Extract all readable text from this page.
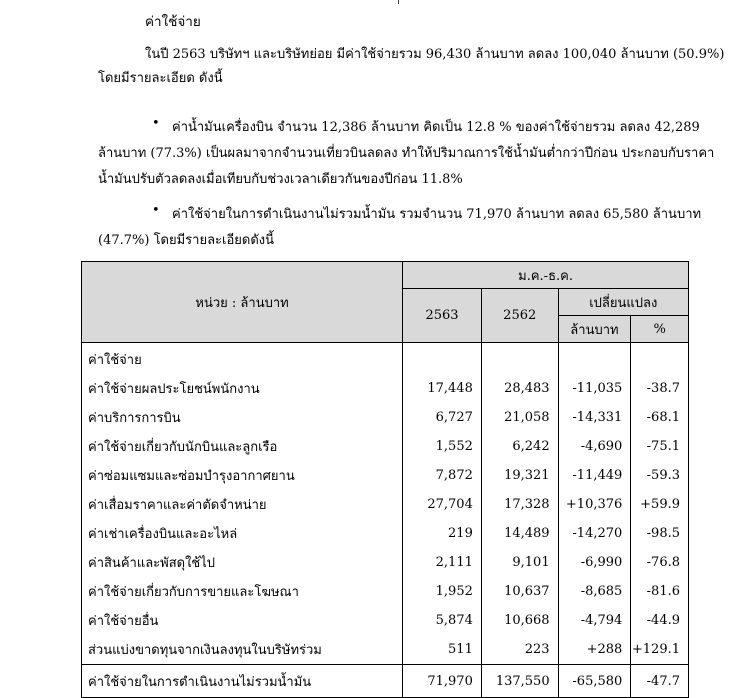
ค่าใช้จ่าย
ในปี 2563 บริษัทฯ และบริษัทย่อย มีค่าใช้จ่ายรวม 96,430 ล้านบาท ลดลง 100,040 ล้านบาท (50.9%)
โดยมีรายละเอียด ดังนี้
• ค่าน้ำมันเครื่องบิน จำนวน 12,386 ล้านบาท คิดเป็น 12.8 % ของค่าใช้จ่ายรวม ลดลง 42,289
ล้านบาท (77.3%) เป็นผลมาจากจำนวนเที่ยวบินลดลง ทำให้ปริมาณการใช้น้ำมันต่ำกว่าปีก่อน ประกอบกับราคา
น้ำมันปรับตัวลดลงเมื่อเทียบกับช่วงเวลาเดียวกันของปีก่อน 11.8%
• ค่าใช้จ่ายในการดำเนินงานไม่รวมน้ำมัน รวมจำนวน 71,970 ล้านบาท ลดลง 65,580 ล้านบาท
(47.7%) โดยมีรายละเอียดดังนี้
หน่วย : ล้านบาท	ม.ค.-ธ.ค.			
	2563	2562	เปลี่ยนแปลง	
			ล้านบาท	%
ค่าใช้จ่าย				
ค่าใช้จ่ายผลประโยชน์พนักงาน	17,448	28,483	-11,035	-38.7
ค่าบริการการบิน	6,727	21,058	-14,331	-68.1
ค่าใช้จ่ายเกี่ยวกับนักบินและลูกเรือ	1,552	6,242	-4,690	-75.1
ค่าซ่อมแซมและซ่อมบำรุงอากาศยาน	7,872	19,321	-11,449	-59.3
ค่าเสื่อมราคาและค่าตัดจำหน่าย	27,704	17,328	+10,376	+59.9
ค่าเช่าเครื่องบินและอะไหล่	219	14,489	-14,270	-98.5
ค่าสินค้าและพัสดุใช้ไป	2,111	9,101	-6,990	-76.8
ค่าใช้จ่ายเกี่ยวกับการขายและโฆษณา	1,952	10,637	-8,685	-81.6
ค่าใช้จ่ายอื่น	5,874	10,668	-4,794	-44.9
ส่วนแบ่งขาดทุนจากเงินลงทุนในบริษัทร่วม	511	223	+288	+129.1
ค่าใช้จ่ายในการดำเนินงานไม่รวมน้ำมัน	71,970	137,550	-65,580	-47.7
